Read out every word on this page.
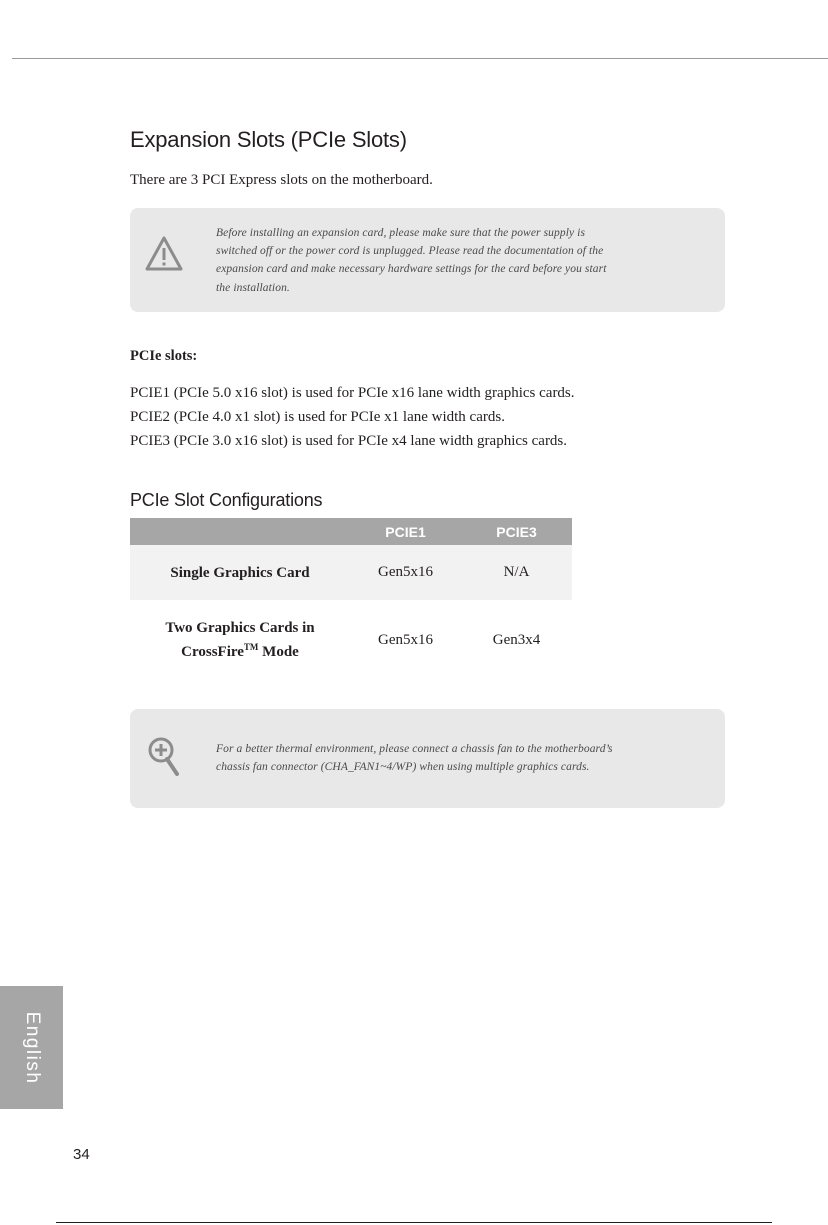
Expansion Slots (PCIe Slots)

There are 3 PCI Express slots on the motherboard.

Before installing an expansion card, please make sure that the power supply is
switched off or the power cord is unplugged. Please read the documentation of the
expansion card and make necessary hardware settings for the card before you start
the installation.

PCIe slots:

PCIE1 (PCIe 5.0 x16 slot) is used for PCIe x16 lane width graphics cards.
PCIE2 (PCIe 4.0 x1 slot) is used for PCIe x1 lane width cards.
PCIE3 (PCIe 3.0 x16 slot) is used for PCIe x4 lane width graphics cards.
PCIe Slot Configurations
	PCIE1	PCIE3
Single Graphics Card	Gen5x16	N/A
Two Graphics Cards in
CrossFire™ Mode	Gen5x16	Gen3x4
For a better thermal environment, please connect a chassis fan to the motherboard’s
chassis fan connector (CHA_FAN1~4/WP) when using multiple graphics cards.
English
34
